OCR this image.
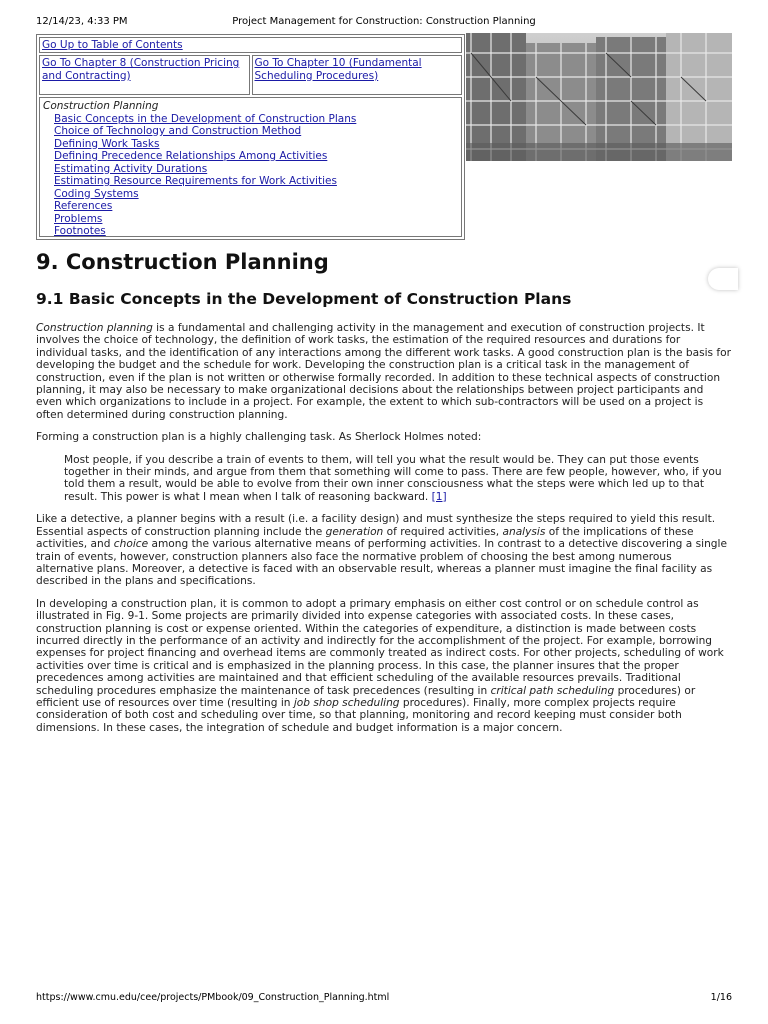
12/14/23, 4:33 PM	Project Management for Construction: Construction Planning
Go Up to Table of Contents
Go To Chapter 8 (Construction Pricing and Contracting)
Go To Chapter 10 (Fundamental Scheduling Procedures)
Construction Planning
Basic Concepts in the Development of Construction Plans
Choice of Technology and Construction Method
Defining Work Tasks
Defining Precedence Relationships Among Activities
Estimating Activity Durations
Estimating Resource Requirements for Work Activities
Coding Systems
References
Problems
Footnotes
9. Construction Planning
9.1 Basic Concepts in the Development of Construction Plans

Construction planning is a fundamental and challenging activity in the management and execution of construction projects. It involves the choice of technology, the definition of work tasks, the estimation of the required resources and durations for individual tasks, and the identification of any interactions among the different work tasks. A good construction plan is the basis for developing the budget and the schedule for work. Developing the construction plan is a critical task in the management of construction, even if the plan is not written or otherwise formally recorded. In addition to these technical aspects of construction planning, it may also be necessary to make organizational decisions about the relationships between project participants and even which organizations to include in a project. For example, the extent to which sub-contractors will be used on a project is often determined during construction planning.

Forming a construction plan is a highly challenging task. As Sherlock Holmes noted:

Most people, if you describe a train of events to them, will tell you what the result would be. They can put those events together in their minds, and argue from them that something will come to pass. There are few people, however, who, if you told them a result, would be able to evolve from their own inner consciousness what the steps were which led up to that result. This power is what I mean when I talk of reasoning backward. [1]

Like a detective, a planner begins with a result (i.e. a facility design) and must synthesize the steps required to yield this result. Essential aspects of construction planning include the generation of required activities, analysis of the implications of these activities, and choice among the various alternative means of performing activities. In contrast to a detective discovering a single train of events, however, construction planners also face the normative problem of choosing the best among numerous alternative plans. Moreover, a detective is faced with an observable result, whereas a planner must imagine the final facility as described in the plans and specifications.

In developing a construction plan, it is common to adopt a primary emphasis on either cost control or on schedule control as illustrated in Fig. 9-1. Some projects are primarily divided into expense categories with associated costs. In these cases, construction planning is cost or expense oriented. Within the categories of expenditure, a distinction is made between costs incurred directly in the performance of an activity and indirectly for the accomplishment of the project. For example, borrowing expenses for project financing and overhead items are commonly treated as indirect costs. For other projects, scheduling of work activities over time is critical and is emphasized in the planning process. In this case, the planner insures that the proper precedences among activities are maintained and that efficient scheduling of the available resources prevails. Traditional scheduling procedures emphasize the maintenance of task precedences (resulting in critical path scheduling procedures) or efficient use of resources over time (resulting in job shop scheduling procedures). Finally, more complex projects require consideration of both cost and scheduling over time, so that planning, monitoring and record keeping must consider both dimensions. In these cases, the integration of schedule and budget information is a major concern.

https://www.cmu.edu/cee/projects/PMbook/09_Construction_Planning.html	1/16
